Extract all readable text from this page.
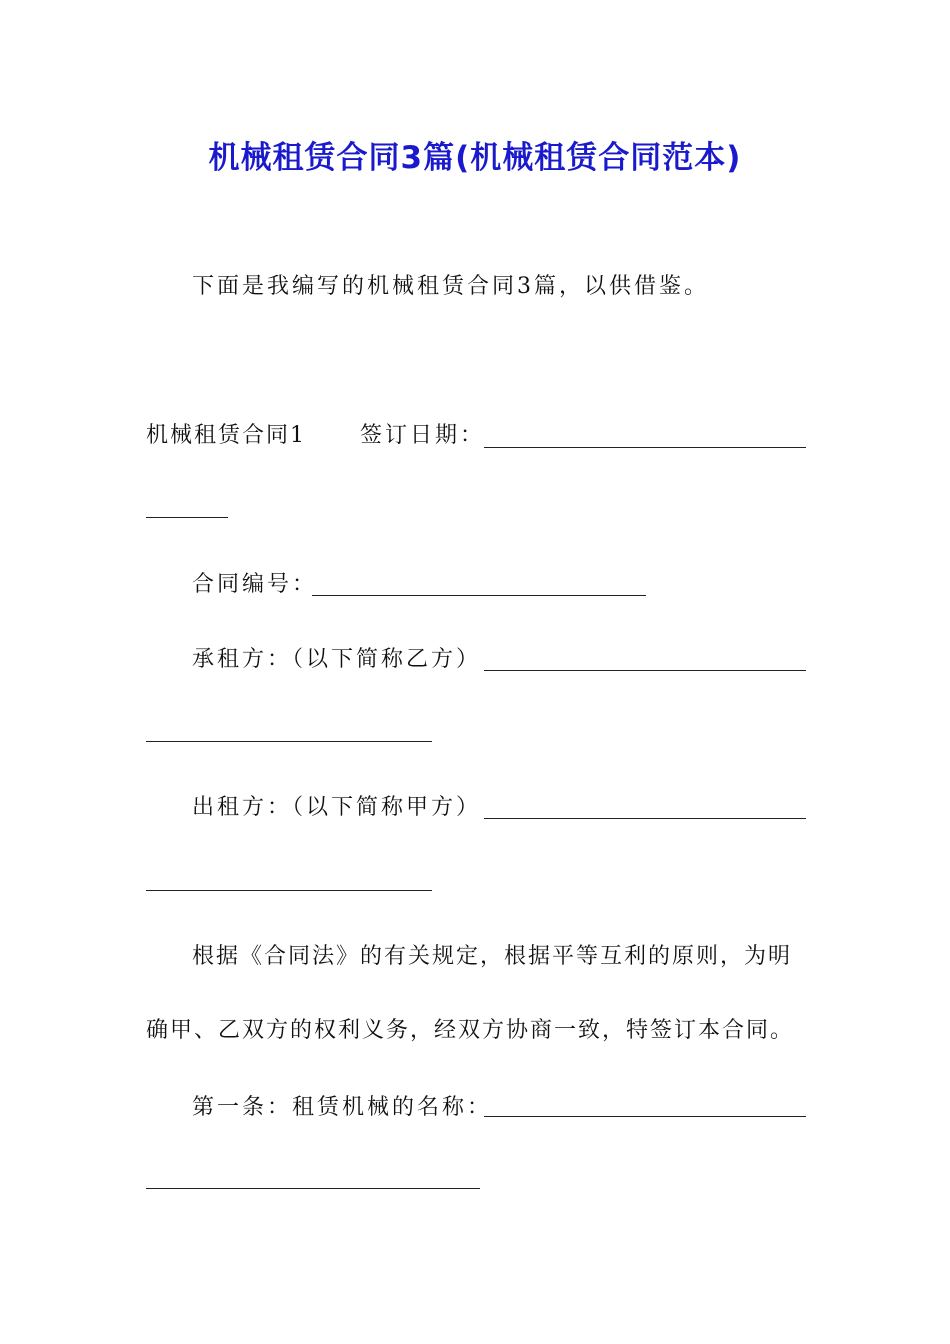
机械租赁合同3篇(机械租赁合同范本)
下面是我编写的机械租赁合同3篇，以供借鉴。
机械租赁合同1 签订日期：
合同编号：
承租方：（以下简称乙方）
出租方：（以下简称甲方）
根据《合同法》的有关规定，根据平等互利的原则，为明
确甲、乙双方的权利义务，经双方协商一致，特签订本合同。
第一条：租赁机械的名称：
